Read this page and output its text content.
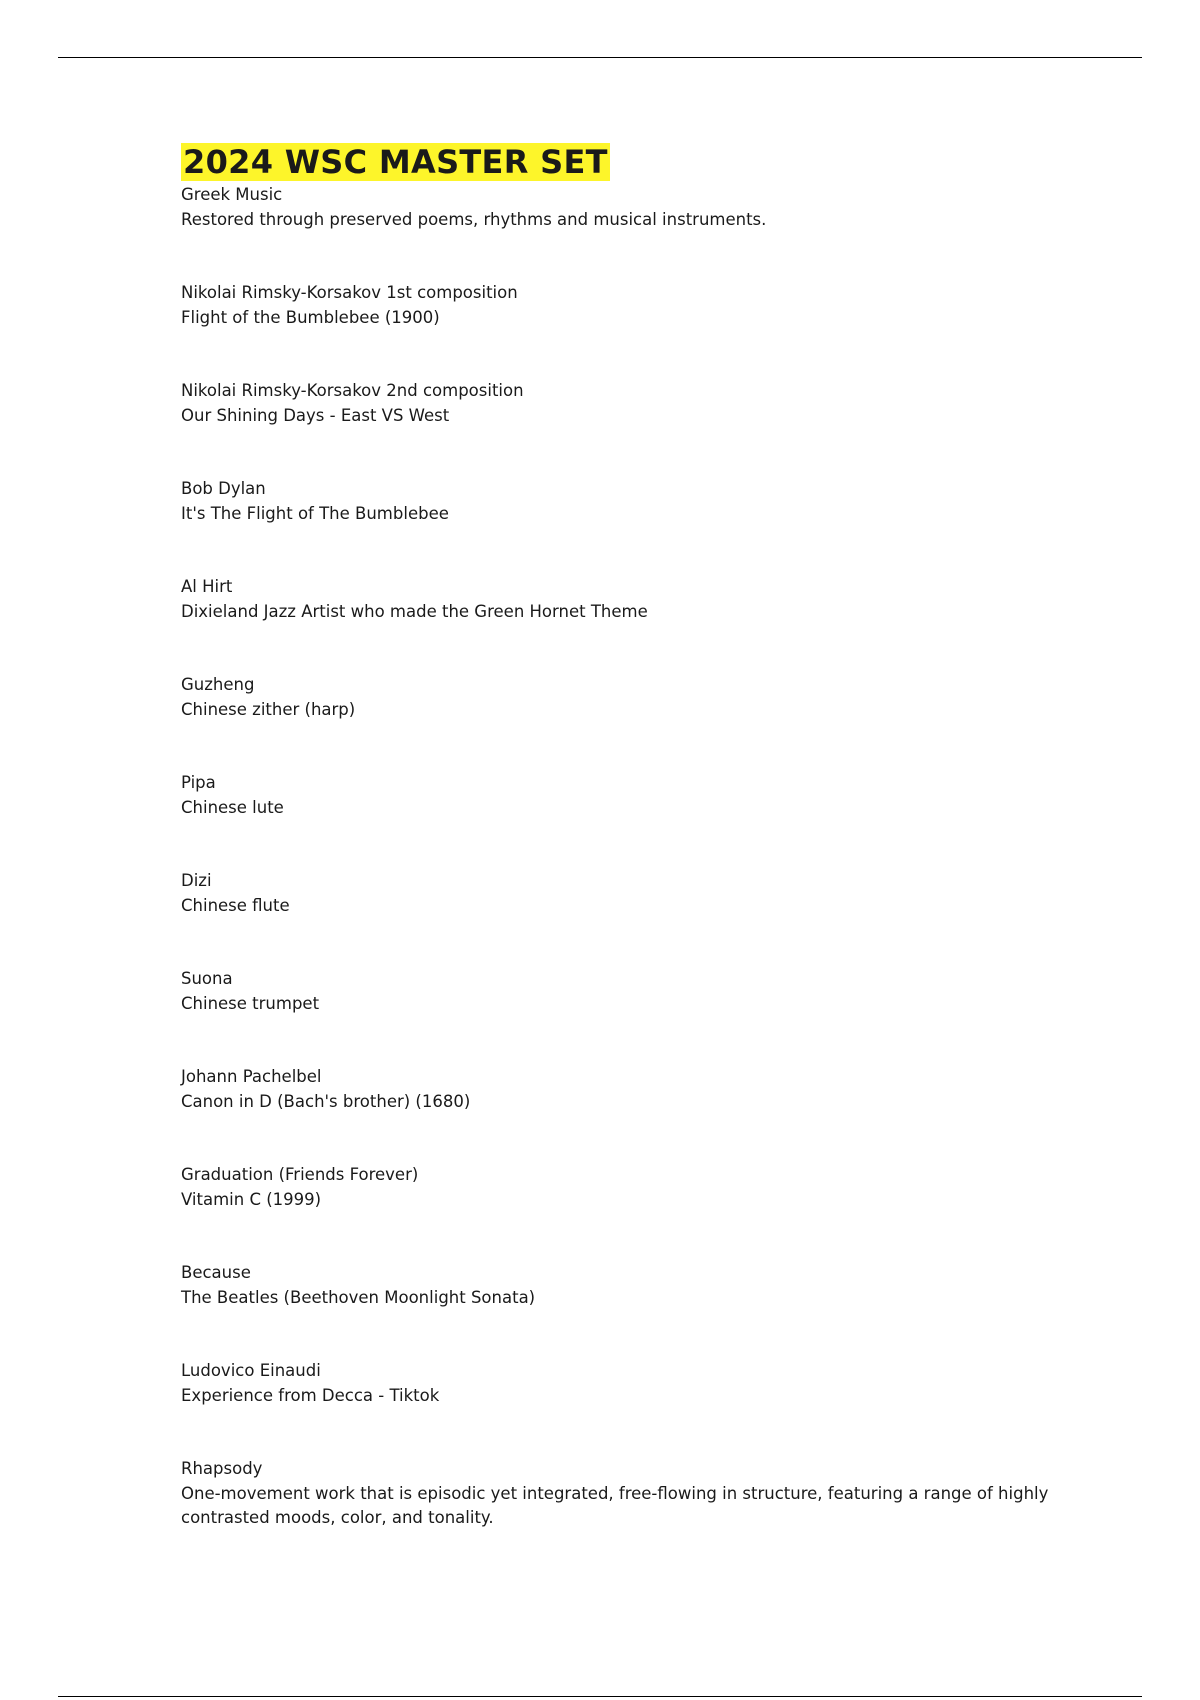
2024 WSC MASTER SET
Greek Music
Restored through preserved poems, rhythms and musical instruments.
Nikolai Rimsky-Korsakov 1st composition
Flight of the Bumblebee (1900)
Nikolai Rimsky-Korsakov 2nd composition
Our Shining Days - East VS West
Bob Dylan
It's The Flight of The Bumblebee
Al Hirt
Dixieland Jazz Artist who made the Green Hornet Theme
Guzheng
Chinese zither (harp)
Pipa
Chinese lute
Dizi
Chinese flute
Suona
Chinese trumpet
Johann Pachelbel
Canon in D (Bach's brother) (1680)
Graduation (Friends Forever)
Vitamin C (1999)
Because
The Beatles (Beethoven Moonlight Sonata)
Ludovico Einaudi
Experience from Decca - Tiktok
Rhapsody
One-movement work that is episodic yet integrated, free-flowing in structure, featuring a range of highly contrasted moods, color, and tonality.
